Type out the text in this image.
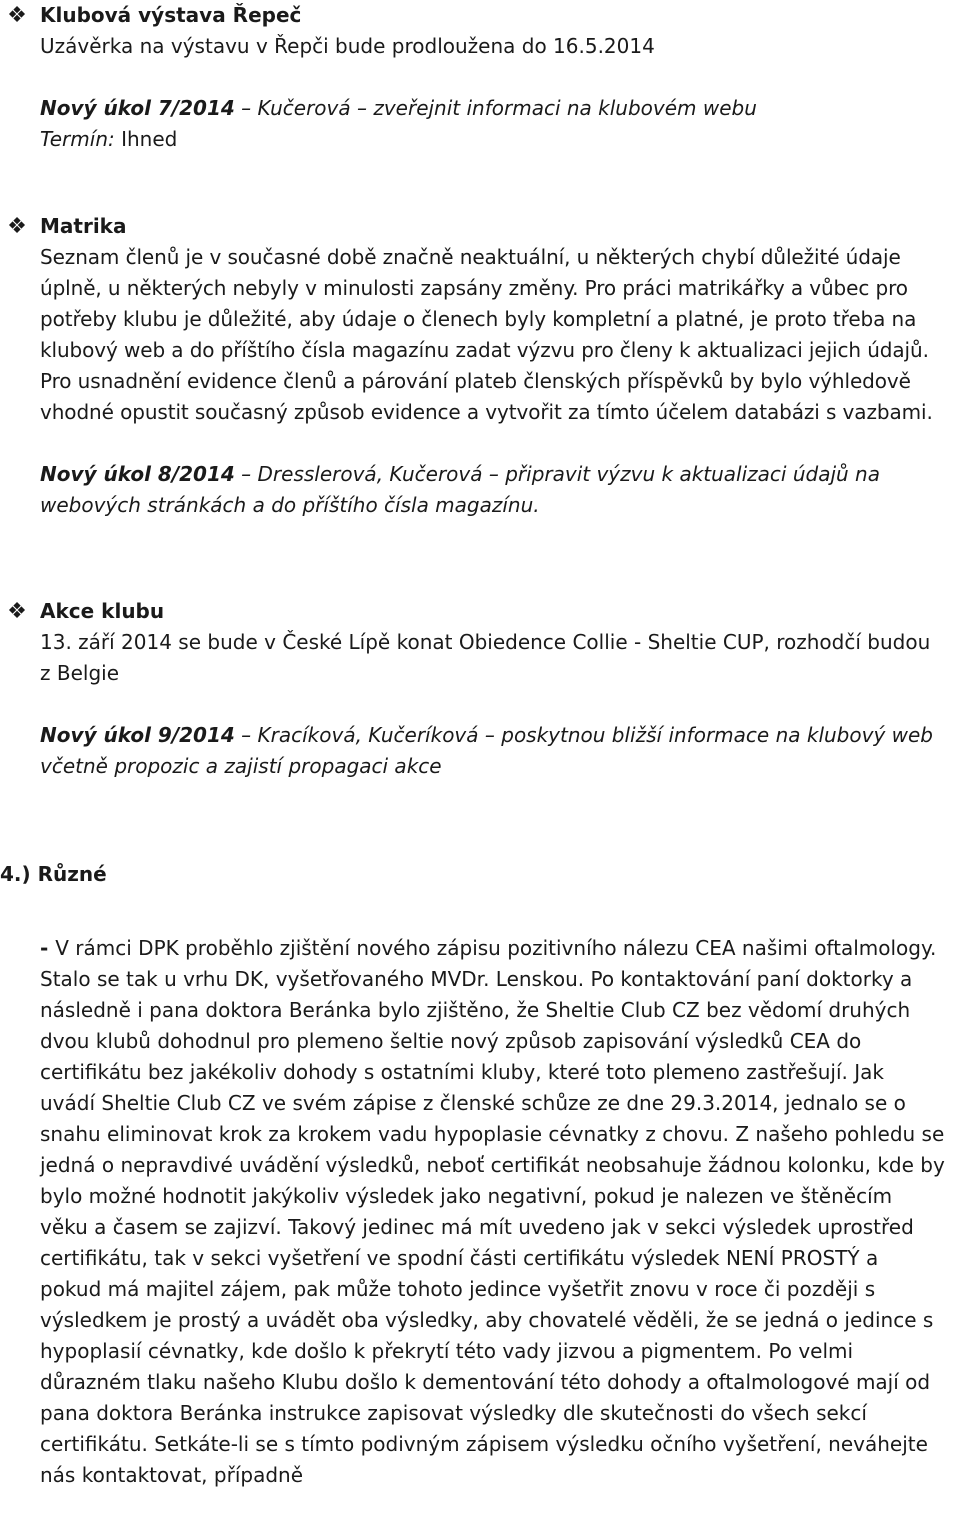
❖ Klubová výstava Řepeč

Uzávěrka na výstavu v Řepči bude prodloužena do 16.5.2014

Nový úkol 7/2014 – Kučerová – zveřejnit informaci na klubovém webu
Termín: Ihned

❖ Matrika

Seznam členů je v současné době značně neaktuální, u některých chybí důležité údaje úplně, u některých nebyly v minulosti zapsány změny. Pro práci matrikářky a vůbec pro potřeby klubu je důležité, aby údaje o členech byly kompletní a platné, je proto třeba na klubový web a do příštího čísla magazínu zadat výzvu pro členy k aktualizaci jejich údajů. Pro usnadnění evidence členů a párování plateb členských příspěvků by bylo výhledově vhodné opustit současný způsob evidence a vytvořit za tímto účelem databázi s vazbami.

Nový úkol 8/2014 – Dresslerová, Kučerová – připravit výzvu k aktualizaci údajů na webových stránkách a do příštího čísla magazínu.

❖ Akce klubu

13. září 2014 se bude v České Lípě konat Obiedence Collie - Sheltie CUP, rozhodčí budou z Belgie

Nový úkol 9/2014 – Kracíková, Kučeríková – poskytnou bližší informace na klubový web včetně propozic a zajistí propagaci akce

4.) Různé

- V rámci DPK proběhlo zjištění nového zápisu pozitivního nálezu CEA našimi oftalmology. Stalo se tak u vrhu DK, vyšetřovaného MVDr. Lenskou. Po kontaktování paní doktorky a následně i pana doktora Beránka bylo zjištěno, že Sheltie Club CZ bez vědomí druhých dvou klubů dohodnul pro plemeno šeltie nový způsob zapisování výsledků CEA do certifikátu bez jakékoliv dohody s ostatními kluby, které toto plemeno zastřešují. Jak uvádí Sheltie Club CZ ve svém zápise z členské schůze ze dne 29.3.2014, jednalo se o snahu eliminovat krok za krokem vadu hypoplasie cévnatky z chovu. Z našeho pohledu se jedná o nepravdivé uvádění výsledků, neboť certifikát neobsahuje žádnou kolonku, kde by bylo možné hodnotit jakýkoliv výsledek jako negativní, pokud je nalezen ve štěněcím věku a časem se zajizví. Takový jedinec má mít uvedeno jak v sekci výsledek uprostřed certifikátu, tak v sekci vyšetření ve spodní části certifikátu výsledek NENÍ PROSTÝ a pokud má majitel zájem, pak může tohoto jedince vyšetřit znovu v roce či později s výsledkem je prostý a uvádět oba výsledky, aby chovatelé věděli, že se jedná o jedince s hypoplasií cévnatky, kde došlo k překrytí této vady jizvou a pigmentem. Po velmi důrazném tlaku našeho Klubu došlo k dementování této dohody a oftalmologové mají od pana doktora Beránka instrukce zapisovat výsledky dle skutečnosti do všech sekcí certifikátu. Setkáte-li se s tímto podivným zápisem výsledku očního vyšetření, neváhejte nás kontaktovat, případně
